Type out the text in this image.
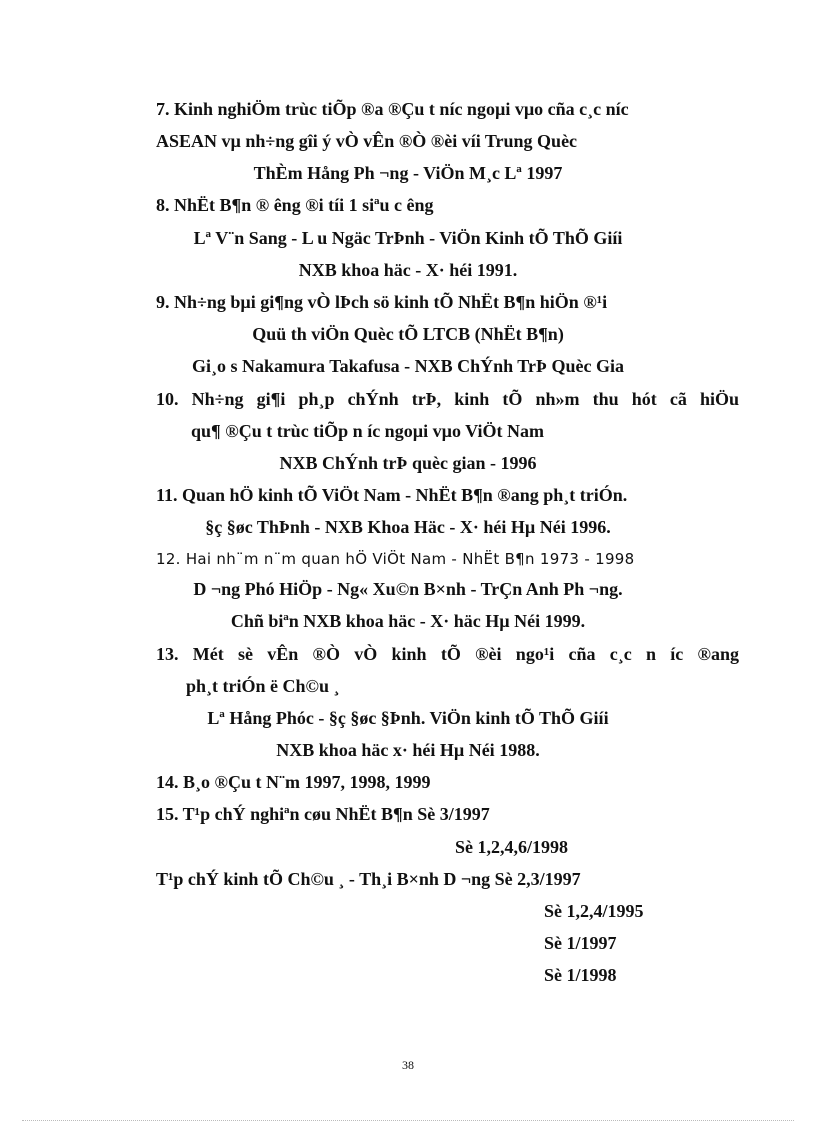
7. Kinh nghiÖm trùc tiÕp ®a ®Çu t níc ngoµi vµo cña c¸c níc
ASEAN vµ nh÷ng gîi ý vÒ vÊn ®Ò ®èi víi Trung Quèc
ThÈm Hång Ph ¬ng - ViÖn M¸c Lª 1997
8. NhËt B¶n ® êng ®i tíi 1 siªu c êng
Lª V¨n Sang - L u Ngäc TrÞnh - ViÖn Kinh tÕ ThÕ Giíi
NXB khoa häc - X· héi 1991.
9. Nh÷ng bµi gi¶ng vÒ lÞch sö kinh tÕ NhËt B¶n hiÖn ®¹i
Quü th viÖn Quèc tÕ LTCB (NhËt B¶n)
Gi¸o s Nakamura Takafusa - NXB ChÝnh TrÞ Quèc Gia
10. Nh÷ng gi¶i ph¸p chÝnh trÞ, kinh tÕ nh»m thu hót cã hiÖu
qu¶ ®Çu t trùc tiÕp n íc ngoµi vµo ViÖt Nam
NXB ChÝnh trÞ quèc gian - 1996
11. Quan hÖ kinh tÕ ViÖt Nam - NhËt B¶n ®ang ph¸t triÓn.
§ç §øc ThÞnh - NXB Khoa Häc - X· héi Hµ Néi 1996.
12. Hai nh¨m n¨m quan hÖ ViÖt Nam - NhËt B¶n 1973 - 1998
D ¬ng Phó HiÖp - Ng« Xu©n B×nh - TrÇn Anh Ph ¬ng.
Chñ biªn NXB khoa häc - X· häc Hµ Néi 1999.
13. Mét sè vÊn ®Ò vÒ kinh tÕ ®èi ngo¹i cña c¸c n íc ®ang
ph¸t triÓn ë Ch©u ¸
Lª Hång Phóc - §ç §øc §Þnh. ViÖn kinh tÕ ThÕ Giíi
NXB khoa häc x· héi Hµ Néi 1988.
14. B¸o ®Çu t N¨m 1997, 1998, 1999
15. T¹p chÝ nghiªn cøu NhËt B¶n Sè 3/1997
Sè 1,2,4,6/1998
T¹p chÝ kinh tÕ Ch©u ¸ - Th¸i B×nh D ¬ng Sè 2,3/1997
Sè 1,2,4/1995
Sè 1/1997
Sè 1/1998
38
